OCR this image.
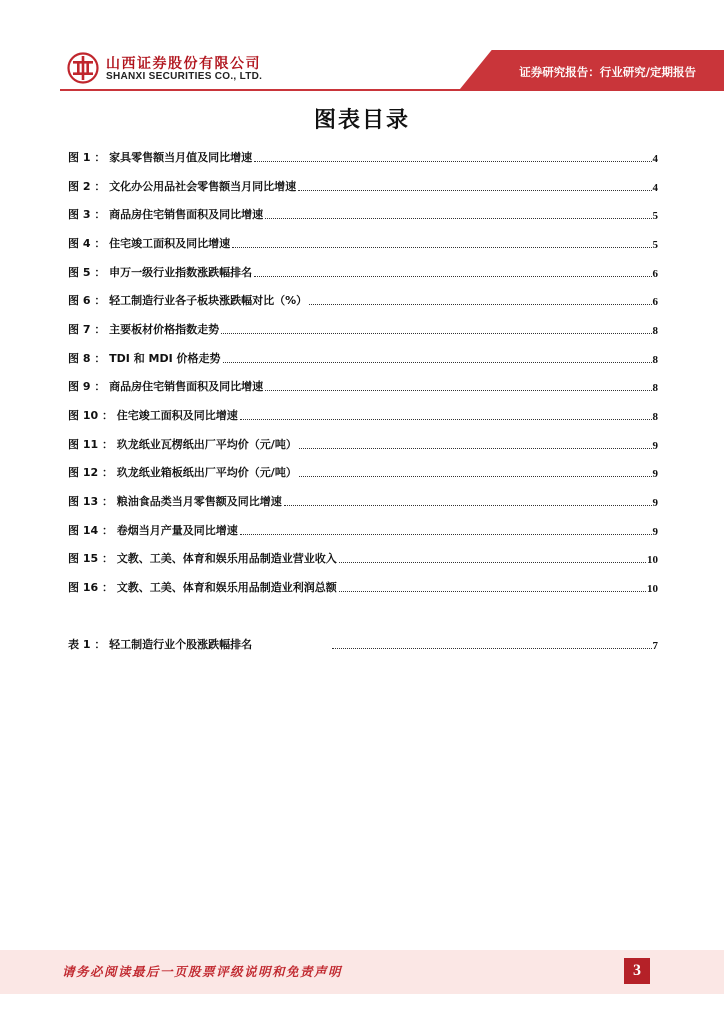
山西证券股份有限公司
SHANXI SECURITIES CO., LTD.	证券研究报告：行业研究/定期报告
图表目录
图 1 ： 家具零售额当月值及同比增速	4
图 2 ： 文化办公用品社会零售额当月同比增速	4
图 3 ： 商品房住宅销售面积及同比增速	5
图 4 ： 住宅竣工面积及同比增速	5
图 5 ： 申万一级行业指数涨跌幅排名	6
图 6 ： 轻工制造行业各子板块涨跌幅对比（%）	6
图 7 ： 主要板材价格指数走势	8
图 8 ： TDI 和 MDI 价格走势	8
图 9 ： 商品房住宅销售面积及同比增速	8
图 10 ： 住宅竣工面积及同比增速	8
图 11 ： 玖龙纸业瓦楞纸出厂平均价（元/吨）	9
图 12 ： 玖龙纸业箱板纸出厂平均价（元/吨）	9
图 13 ： 粮油食品类当月零售额及同比增速	9
图 14 ： 卷烟当月产量及同比增速	9
图 15 ： 文教、工美、体育和娱乐用品制造业营业收入	10
图 16 ： 文教、工美、体育和娱乐用品制造业利润总额	10
表 1 ： 轻工制造行业个股涨跌幅排名	7
请务必阅读最后一页股票评级说明和免责声明	3
